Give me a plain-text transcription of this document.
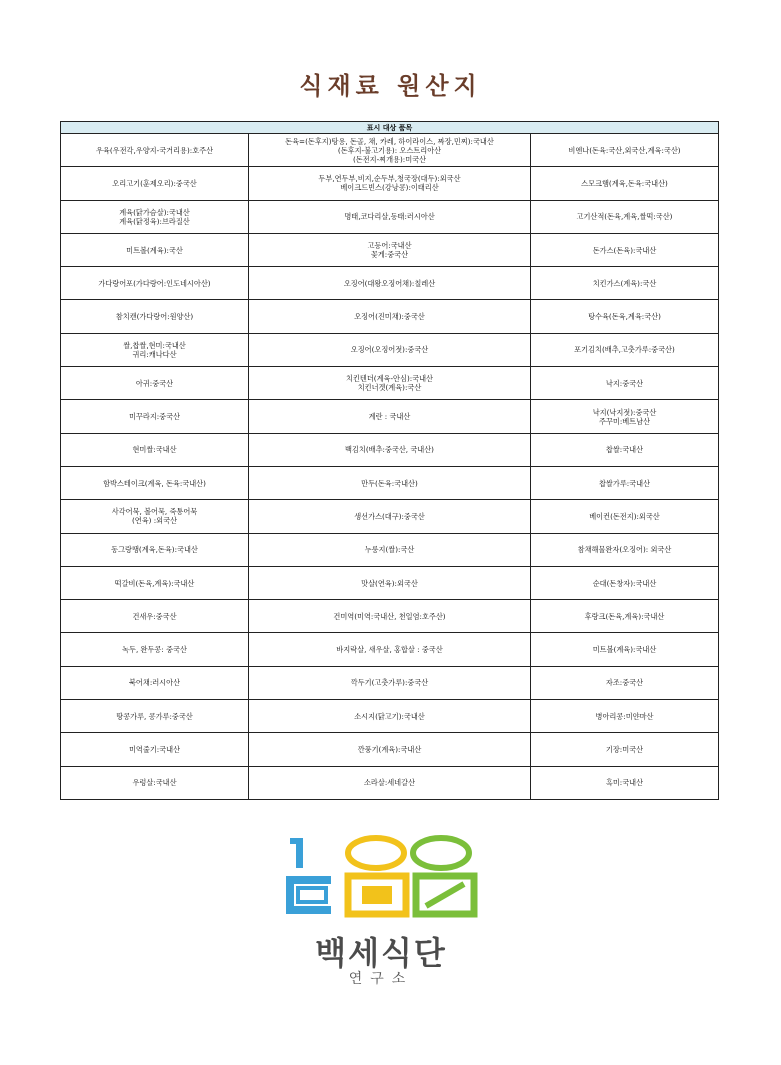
식재료 원산지
표시 대상 품목		
우육(우전각,우양지-국거리용):호주산	돈육=(돈후지)탕용, 돈골, 채, 카레, 하이라이스, 짜장,민찌):국내산
(돈후지-불고기용): 오스트리아산
(돈전지-찌개용):미국산	비엔나(돈육:국산,외국산,계육:국산)
오리고기(훈제오리):중국산	두부,연두부,비지,순두부,청국장(대두):외국산
베이크드빈스(강낭콩):이태리산	스모크햄(계육,돈육:국내산)
계육(닭가슴살):국내산
계육(닭정육):브라질산	명태,코다리살,동태:러시아산	고기산적(돈육,계육,쌀떡:국산)
미트볼(계육):국산	고등어:국내산
꽃게:중국산	돈가스(돈육):국내산
가다랑어포(가다랑어:인도네시아산)	오징어(대왕오징어채):칠레산	치킨가스(계육):국산
참치캔(가다랑어:원양산)	오징어(진미채):중국산	탕수육(돈육,계육:국산)
쌀,찹쌀,현미:국내산
귀리:캐나다산	오징어(오징어젓):중국산	포기김치(배추,고춧가루:중국산)
아귀:중국산	치킨텐더(계육-안심):국내산
치킨너겟(계육):국산	낙지:중국산
미꾸라지:중국산	계란 : 국내산	낙지(낙지젓):중국산
주꾸미:베트남산
현미쌀:국내산	백김치(배추:중국산, 국내산)	찹쌀:국내산
함박스테이크(계육, 돈육:국내산)	만두(돈육:국내산)	찹쌀가루:국내산
사각어묵, 볼어묵, 죽통어묵
(연육) :외국산	생선가스(대구):중국산	베이컨(돈전지):외국산
동그랑땡(계육,돈육):국내산	누룽지(쌀):국산	참채해물완자(오징어): 외국산
떡갈비(돈육,계육):국내산	맛살(연육):외국산	순대(돈창자):국내산
건새우:중국산	건미역(미역:국내산, 천일염:호주산)	후랑크(돈육,계육):국내산
녹두, 완두콩: 중국산	바지락살, 새우살, 홍합살 : 중국산	미트볼(계육):국내산
북어채:러시아산	깍두기(고춧가루):중국산	자조:중국산
땅콩가루, 콩가루:중국산	소시지(닭고기):국내산	병아리콩:미얀마산
미역줄기:국내산	깐풍기(계육):국내산	기장:미국산
우렁살:국내산	소라살:세네갈산	흑미:국내산
백세식단
연구소
